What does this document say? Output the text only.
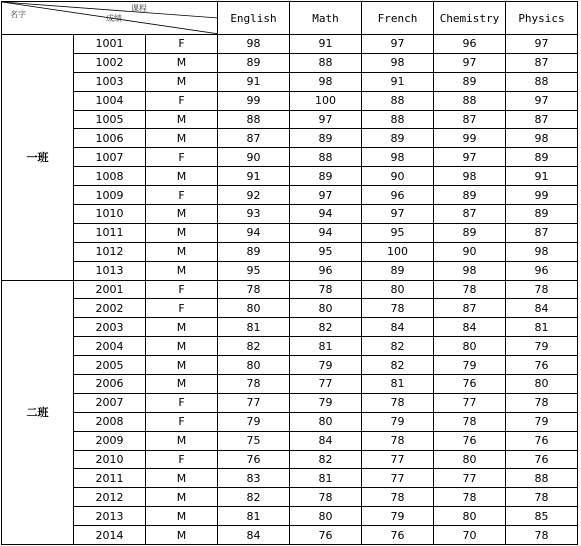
课程
成绩
名字			English	Math	French	Chemistry	Physics
一班	1001	F	98	91	97	96	97
	1002	M	89	88	98	97	87
	1003	M	91	98	91	89	88
	1004	F	99	100	88	88	97
	1005	M	88	97	88	87	87
	1006	M	87	89	89	99	98
	1007	F	90	88	98	97	89
	1008	M	91	89	90	98	91
	1009	F	92	97	96	89	99
	1010	M	93	94	97	87	89
	1011	M	94	94	95	89	87
	1012	M	89	95	100	90	98
	1013	M	95	96	89	98	96
二班	2001	F	78	78	80	78	78
	2002	F	80	80	78	87	84
	2003	M	81	82	84	84	81
	2004	M	82	81	82	80	79
	2005	M	80	79	82	79	76
	2006	M	78	77	81	76	80
	2007	F	77	79	78	77	78
	2008	F	79	80	79	78	79
	2009	M	75	84	78	76	76
	2010	F	76	82	77	80	76
	2011	M	83	81	77	77	88
	2012	M	82	78	78	78	78
	2013	M	81	80	79	80	85
	2014	M	84	76	76	70	78
